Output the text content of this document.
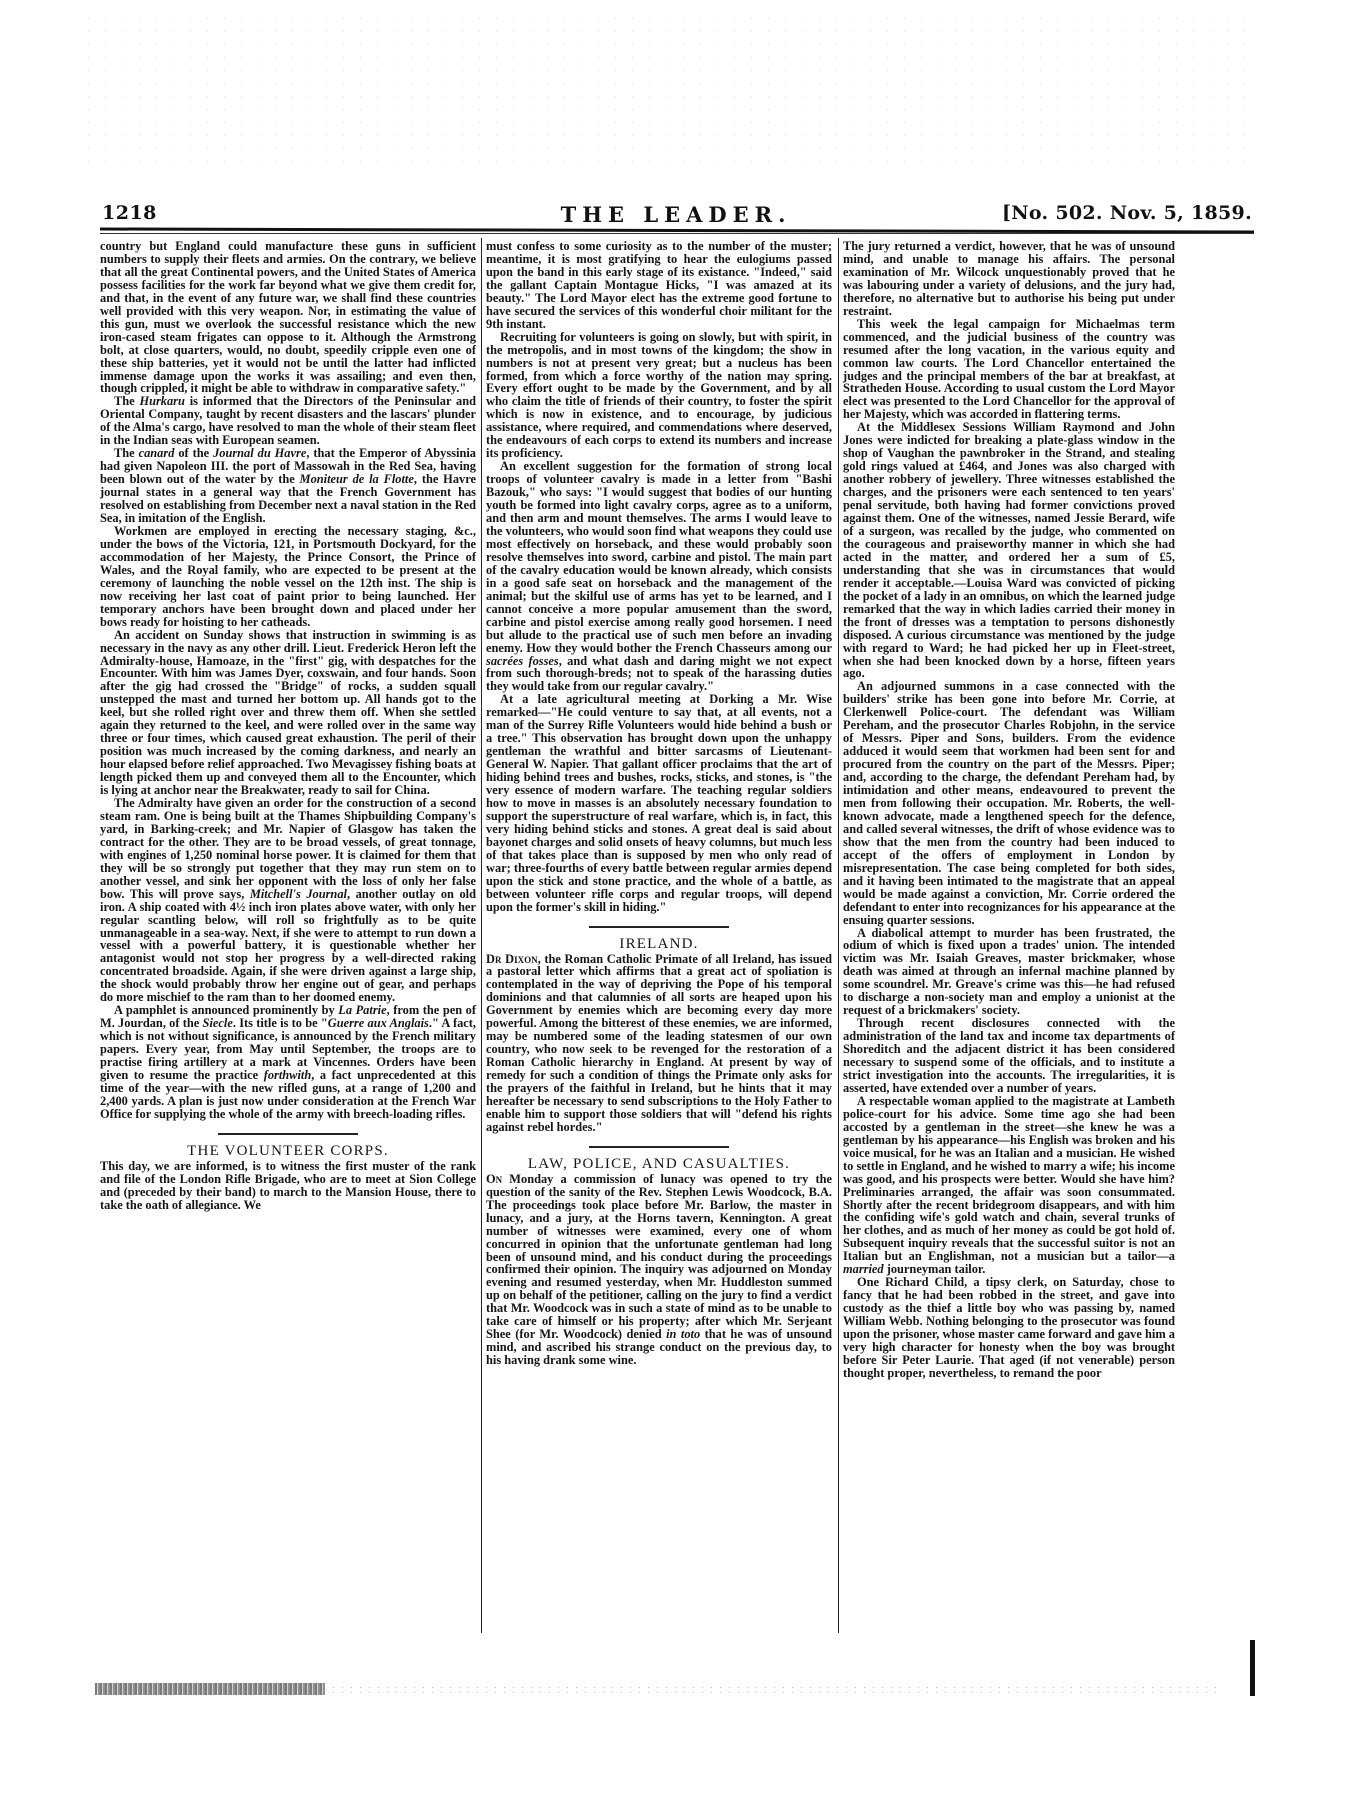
1218	THE LEADER.	[No. 502. Nov. 5, 1859.

country but England could manufacture these guns in sufficient numbers to supply their fleets and armies. On the contrary, we believe that all the great Continental powers, and the United States of America possess facilities for the work far beyond what we give them credit for, and that, in the event of any future war, we shall find these countries well provided with this very weapon. Nor, in estimating the value of this gun, must we overlook the successful resistance which the new iron-cased steam frigates can oppose to it. Although the Armstrong bolt, at close quarters, would, no doubt, speedily cripple even one of these ship batteries, yet it would not be until the latter had inflicted immense damage upon the works it was assailing; and even then, though crippled, it might be able to withdraw in comparative safety."

The Hurkaru is informed that the Directors of the Peninsular and Oriental Company, taught by recent disasters and the lascars' plunder of the Alma's cargo, have resolved to man the whole of their steam fleet in the Indian seas with European seamen.

The canard of the Journal du Havre, that the Emperor of Abyssinia had given Napoleon III. the port of Massowah in the Red Sea, having been blown out of the water by the Moniteur de la Flotte, the Havre journal states in a general way that the French Government has resolved on establishing from December next a naval station in the Red Sea, in imitation of the English.

Workmen are employed in erecting the necessary staging, &c., under the bows of the Victoria, 121, in Portsmouth Dockyard, for the accommodation of her Majesty, the Prince Consort, the Prince of Wales, and the Royal family, who are expected to be present at the ceremony of launching the noble vessel on the 12th inst. The ship is now receiving her last coat of paint prior to being launched. Her temporary anchors have been brought down and placed under her bows ready for hoisting to her catheads.

An accident on Sunday shows that instruction in swimming is as necessary in the navy as any other drill. Lieut. Frederick Heron left the Admiralty-house, Hamoaze, in the "first" gig, with despatches for the Encounter. With him was James Dyer, coxswain, and four hands. Soon after the gig had crossed the "Bridge" of rocks, a sudden squall unstepped the mast and turned her bottom up. All hands got to the keel, but she rolled right over and threw them off. When she settled again they returned to the keel, and were rolled over in the same way three or four times, which caused great exhaustion. The peril of their position was much increased by the coming darkness, and nearly an hour elapsed before relief approached. Two Mevagissey fishing boats at length picked them up and conveyed them all to the Encounter, which is lying at anchor near the Breakwater, ready to sail for China.

The Admiralty have given an order for the construction of a second steam ram. One is being built at the Thames Shipbuilding Company's yard, in Barking-creek; and Mr. Napier of Glasgow has taken the contract for the other. They are to be broad vessels, of great tonnage, with engines of 1,250 nominal horse power. It is claimed for them that they will be so strongly put together that they may run stem on to another vessel, and sink her opponent with the loss of only her false bow. This will prove says, Mitchell's Journal, another outlay on old iron. A ship coated with 4½ inch iron plates above water, with only her regular scantling below, will roll so frightfully as to be quite unmanageable in a sea-way. Next, if she were to attempt to run down a vessel with a powerful battery, it is questionable whether her antagonist would not stop her progress by a well-directed raking concentrated broadside. Again, if she were driven against a large ship, the shock would probably throw her engine out of gear, and perhaps do more mischief to the ram than to her doomed enemy.

A pamphlet is announced prominently by La Patrie, from the pen of M. Jourdan, of the Siecle. Its title is to be "Guerre aux Anglais." A fact, which is not without significance, is announced by the French military papers. Every year, from May until September, the troops are to practise firing artillery at a mark at Vincennes. Orders have been given to resume the practice forthwith, a fact unprecedented at this time of the year—with the new rifled guns, at a range of 1,200 and 2,400 yards. A plan is just now under consideration at the French War Office for supplying the whole of the army with breech-loading rifles.

THE VOLUNTEER CORPS.

This day, we are informed, is to witness the first muster of the rank and file of the London Rifle Brigade, who are to meet at Sion College and (preceded by their band) to march to the Mansion House, there to take the oath of allegiance. We

must confess to some curiosity as to the number of the muster; meantime, it is most gratifying to hear the eulogiums passed upon the band in this early stage of its existance. "Indeed," said the gallant Captain Montague Hicks, "I was amazed at its beauty." The Lord Mayor elect has the extreme good fortune to have secured the services of this wonderful choir militant for the 9th instant.

Recruiting for volunteers is going on slowly, but with spirit, in the metropolis, and in most towns of the kingdom; the show in numbers is not at present very great; but a nucleus has been formed, from which a force worthy of the nation may spring. Every effort ought to be made by the Government, and by all who claim the title of friends of their country, to foster the spirit which is now in existence, and to encourage, by judicious assistance, where required, and commendations where deserved, the endeavours of each corps to extend its numbers and increase its proficiency.

An excellent suggestion for the formation of strong local troops of volunteer cavalry is made in a letter from "Bashi Bazouk," who says: "I would suggest that bodies of our hunting youth be formed into light cavalry corps, agree as to a uniform, and then arm and mount themselves. The arms I would leave to the volunteers, who would soon find what weapons they could use most effectively on horseback, and these would probably soon resolve themselves into sword, carbine and pistol. The main part of the cavalry education would be known already, which consists in a good safe seat on horseback and the management of the animal; but the skilful use of arms has yet to be learned, and I cannot conceive a more popular amusement than the sword, carbine and pistol exercise among really good horsemen. I need but allude to the practical use of such men before an invading enemy. How they would bother the French Chasseurs among our sacrées fosses, and what dash and daring might we not expect from such thorough-breds; not to speak of the harassing duties they would take from our regular cavalry."

At a late agricultural meeting at Dorking a Mr. Wise remarked—"He could venture to say that, at all events, not a man of the Surrey Rifle Volunteers would hide behind a bush or a tree." This observation has brought down upon the unhappy gentleman the wrathful and bitter sarcasms of Lieutenant-General W. Napier. That gallant officer proclaims that the art of hiding behind trees and bushes, rocks, sticks, and stones, is "the very essence of modern warfare. The teaching regular soldiers how to move in masses is an absolutely necessary foundation to support the superstructure of real warfare, which is, in fact, this very hiding behind sticks and stones. A great deal is said about bayonet charges and solid onsets of heavy columns, but much less of that takes place than is supposed by men who only read of war; three-fourths of every battle between regular armies depend upon the stick and stone practice, and the whole of a battle, as between volunteer rifle corps and regular troops, will depend upon the former's skill in hiding."

IRELAND.

Dr Dixon, the Roman Catholic Primate of all Ireland, has issued a pastoral letter which affirms that a great act of spoliation is contemplated in the way of depriving the Pope of his temporal dominions and that calumnies of all sorts are heaped upon his Government by enemies which are becoming every day more powerful. Among the bitterest of these enemies, we are informed, may be numbered some of the leading statesmen of our own country, who now seek to be revenged for the restoration of a Roman Catholic hierarchy in England. At present by way of remedy for such a condition of things the Primate only asks for the prayers of the faithful in Ireland, but he hints that it may hereafter be necessary to send subscriptions to the Holy Father to enable him to support those soldiers that will "defend his rights against rebel hordes."

LAW, POLICE, AND CASUALTIES.

On Monday a commission of lunacy was opened to try the question of the sanity of the Rev. Stephen Lewis Woodcock, B.A. The proceedings took place before Mr. Barlow, the master in lunacy, and a jury, at the Horns tavern, Kennington. A great number of witnesses were examined, every one of whom concurred in opinion that the unfortunate gentleman had long been of unsound mind, and his conduct during the proceedings confirmed their opinion. The inquiry was adjourned on Monday evening and resumed yesterday, when Mr. Huddleston summed up on behalf of the petitioner, calling on the jury to find a verdict that Mr. Woodcock was in such a state of mind as to be unable to take care of himself or his property; after which Mr. Serjeant Shee (for Mr. Woodcock) denied in toto that he was of unsound mind, and ascribed his strange conduct on the previous day, to his having drank some wine.

The jury returned a verdict, however, that he was of unsound mind, and unable to manage his affairs. The personal examination of Mr. Wilcock unquestionably proved that he was labouring under a variety of delusions, and the jury had, therefore, no alternative but to authorise his being put under restraint.

This week the legal campaign for Michaelmas term commenced, and the judicial business of the country was resumed after the long vacation, in the various equity and common law courts. The Lord Chancellor entertained the judges and the principal members of the bar at breakfast, at Stratheden House. According to usual custom the Lord Mayor elect was presented to the Lord Chancellor for the approval of her Majesty, which was accorded in flattering terms.

At the Middlesex Sessions William Raymond and John Jones were indicted for breaking a plate-glass window in the shop of Vaughan the pawnbroker in the Strand, and stealing gold rings valued at £464, and Jones was also charged with another robbery of jewellery. Three witnesses established the charges, and the prisoners were each sentenced to ten years' penal servitude, both having had former convictions proved against them. One of the witnesses, named Jessie Berard, wife of a surgeon, was recalled by the judge, who commented on the courageous and praiseworthy manner in which she had acted in the matter, and ordered her a sum of £5, understanding that she was in circumstances that would render it acceptable.—Louisa Ward was convicted of picking the pocket of a lady in an omnibus, on which the learned judge remarked that the way in which ladies carried their money in the front of dresses was a temptation to persons dishonestly disposed. A curious circumstance was mentioned by the judge with regard to Ward; he had picked her up in Fleet-street, when she had been knocked down by a horse, fifteen years ago.

An adjourned summons in a case connected with the builders' strike has been gone into before Mr. Corrie, at Clerkenwell Police-court. The defendant was William Pereham, and the prosecutor Charles Robjohn, in the service of Messrs. Piper and Sons, builders. From the evidence adduced it would seem that workmen had been sent for and procured from the country on the part of the Messrs. Piper; and, according to the charge, the defendant Pereham had, by intimidation and other means, endeavoured to prevent the men from following their occupation. Mr. Roberts, the well-known advocate, made a lengthened speech for the defence, and called several witnesses, the drift of whose evidence was to show that the men from the country had been induced to accept of the offers of employment in London by misrepresentation. The case being completed for both sides, and it having been intimated to the magistrate that an appeal would be made against a conviction, Mr. Corrie ordered the defendant to enter into recognizances for his appearance at the ensuing quarter sessions.

A diabolical attempt to murder has been frustrated, the odium of which is fixed upon a trades' union. The intended victim was Mr. Isaiah Greaves, master brickmaker, whose death was aimed at through an infernal machine planned by some scoundrel. Mr. Greave's crime was this—he had refused to discharge a non-society man and employ a unionist at the request of a brickmakers' society.

Through recent disclosures connected with the administration of the land tax and income tax departments of Shoreditch and the adjacent district it has been considered necessary to suspend some of the officials, and to institute a strict investigation into the accounts. The irregularities, it is asserted, have extended over a number of years.

A respectable woman applied to the magistrate at Lambeth police-court for his advice. Some time ago she had been accosted by a gentleman in the street—she knew he was a gentleman by his appearance—his English was broken and his voice musical, for he was an Italian and a musician. He wished to settle in England, and he wished to marry a wife; his income was good, and his prospects were better. Would she have him? Preliminaries arranged, the affair was soon consummated. Shortly after the recent bridegroom disappears, and with him the confiding wife's gold watch and chain, several trunks of her clothes, and as much of her money as could be got hold of. Subsequent inquiry reveals that the successful suitor is not an Italian but an Englishman, not a musician but a tailor—a married journeyman tailor.

One Richard Child, a tipsy clerk, on Saturday, chose to fancy that he had been robbed in the street, and gave into custody as the thief a little boy who was passing by, named William Webb. Nothing belonging to the prosecutor was found upon the prisoner, whose master came forward and gave him a very high character for honesty when the boy was brought before Sir Peter Laurie. That aged (if not venerable) person thought proper, nevertheless, to remand the poor
